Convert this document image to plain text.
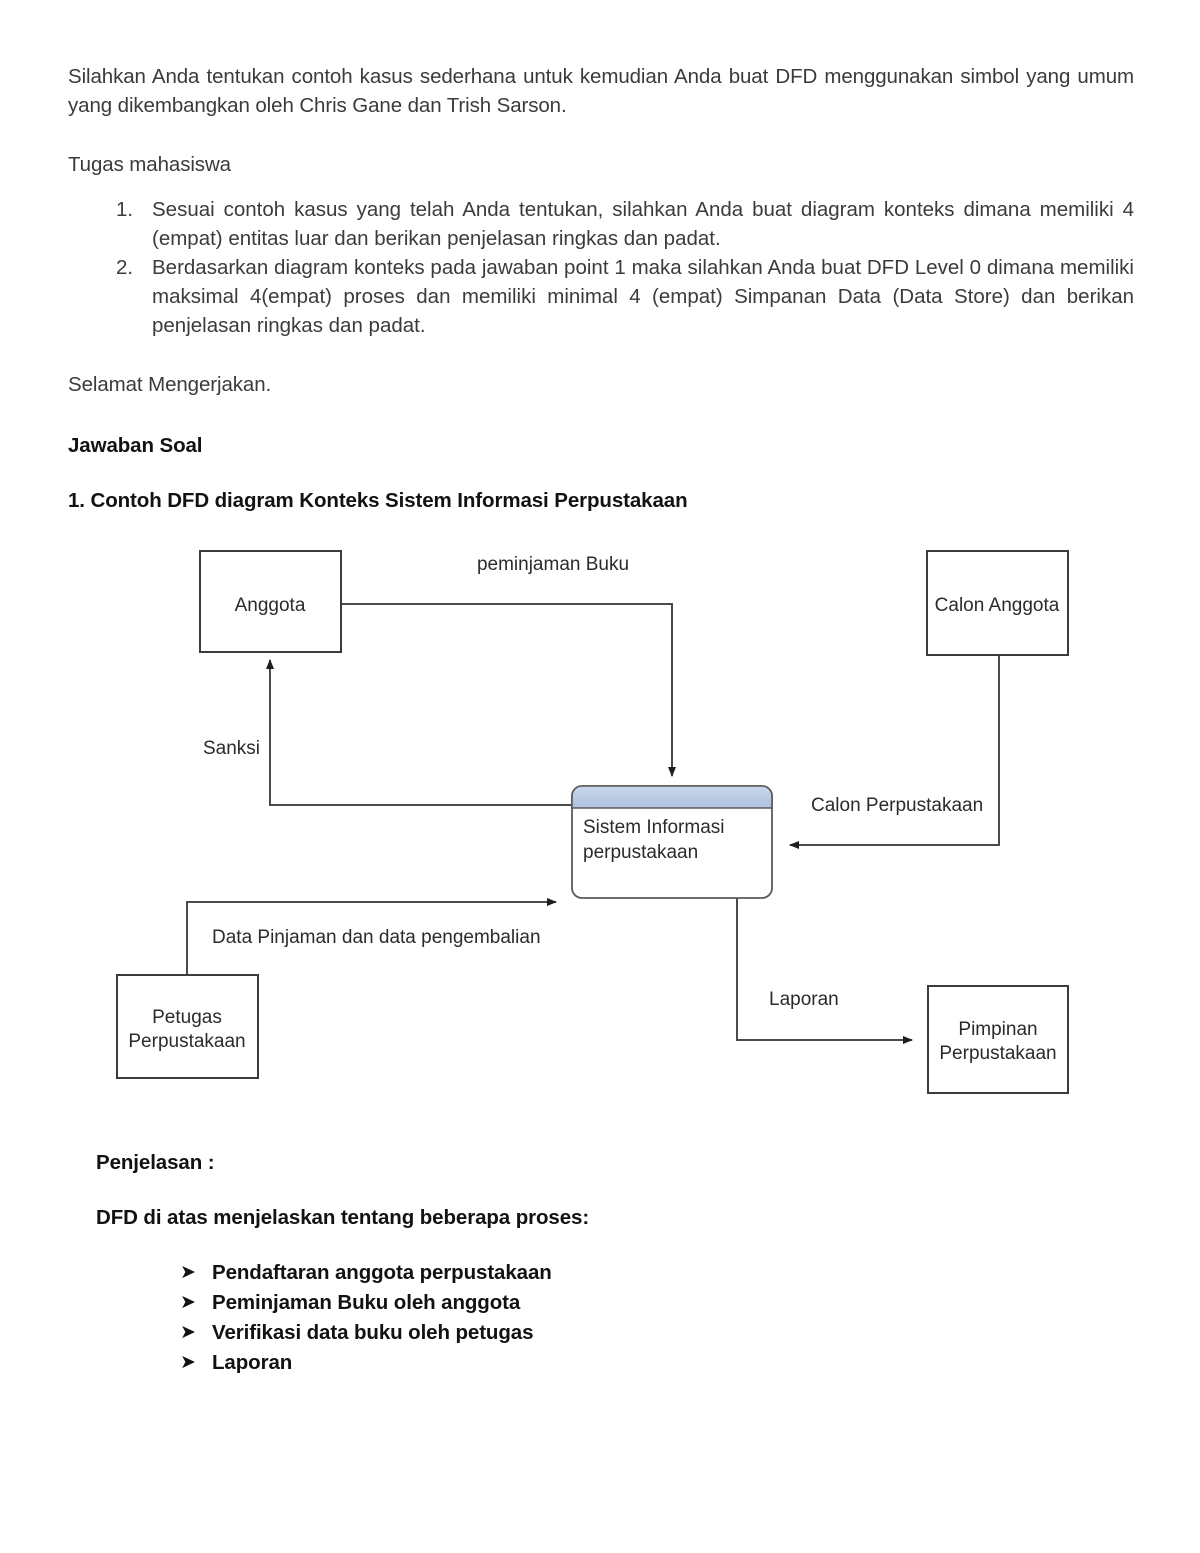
Silahkan Anda tentukan contoh kasus sederhana untuk kemudian Anda buat DFD menggunakan simbol yang umum yang dikembangkan oleh Chris Gane dan Trish Sarson.

Tugas mahasiswa

Sesuai contoh kasus yang telah Anda tentukan, silahkan Anda buat diagram konteks dimana memiliki 4 (empat) entitas luar dan berikan penjelasan ringkas dan padat.
Berdasarkan diagram konteks pada jawaban point 1 maka silahkan Anda buat DFD Level 0 dimana memiliki maksimal 4(empat) proses dan memiliki minimal 4 (empat) Simpanan Data (Data Store) dan berikan penjelasan ringkas dan padat.

Selamat Mengerjakan.

Jawaban Soal

1. Contoh DFD diagram Konteks Sistem Informasi Perpustakaan

Anggota	Calon Anggota
Petugas
Perpustakaan
Pimpinan
Perpustakaan
Sistem Informasi
perpustakaan
peminjaman Buku
Sanksi
Calon Perpustakaan
Data Pinjaman dan data pengembalian
Laporan

Penjelasan :

DFD di atas menjelaskan tentang beberapa proses:

➤ Pendaftaran anggota perpustakaan
➤ Peminjaman Buku oleh anggota
➤ Verifikasi data buku oleh petugas
➤ Laporan
